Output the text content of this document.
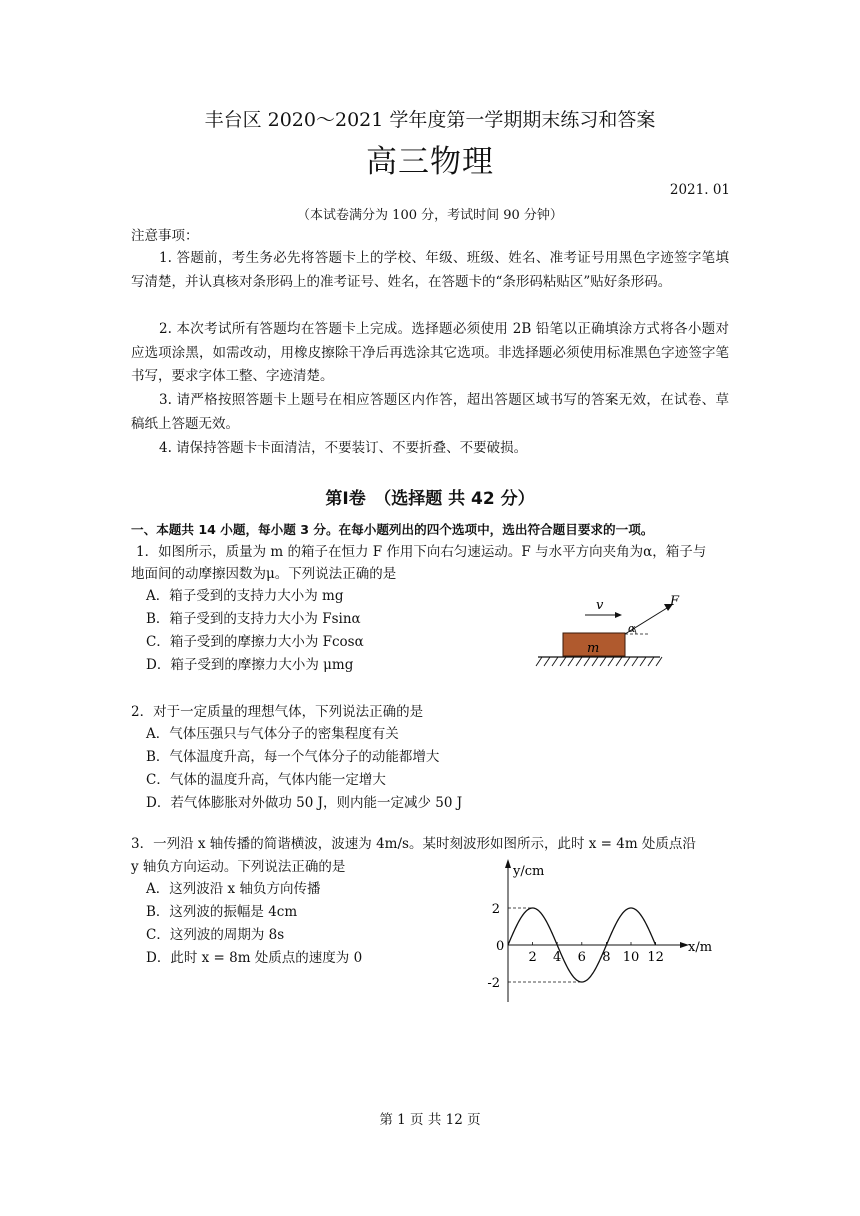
丰台区 2020～2021 学年度第一学期期末练习和答案
高三物理
2021. 01
（本试卷满分为 100 分，考试时间 90 分钟）
注意事项：
1. 答题前，考生务必先将答题卡上的学校、年级、班级、姓名、准考证号用黑色字迹签字笔填写清楚，并认真核对条形码上的准考证号、姓名，在答题卡的“条形码粘贴区”贴好条形码。
2. 本次考试所有答题均在答题卡上完成。选择题必须使用 2B 铅笔以正确填涂方式将各小题对应选项涂黑，如需改动，用橡皮擦除干净后再选涂其它选项。非选择题必须使用标准黑色字迹签字笔书写，要求字体工整、字迹清楚。
3. 请严格按照答题卡上题号在相应答题区内作答，超出答题区域书写的答案无效，在试卷、草稿纸上答题无效。
4. 请保持答题卡卡面清洁，不要装订、不要折叠、不要破损。
第Ⅰ卷　（选择题 共 42 分）
一、本题共 14 小题，每小题 3 分。在每小题列出的四个选项中，选出符合题目要求的一项。
1．如图所示，质量为 m 的箱子在恒力 F 作用下向右匀速运动。F 与水平方向夹角为α，箱子与
地面间的动摩擦因数为μ。下列说法正确的是
A．箱子受到的支持力大小为 mg
B．箱子受到的支持力大小为 Fsinα
C．箱子受到的摩擦力大小为 Fcosα
D．箱子受到的摩擦力大小为 μmg
v
m
F
α
2．对于一定质量的理想气体，下列说法正确的是
A．气体压强只与气体分子的密集程度有关
B．气体温度升高，每一个气体分子的动能都增大
C．气体的温度升高，气体内能一定增大
D．若气体膨胀对外做功 50 J，则内能一定减少 50 J
3．一列沿 x 轴传播的简谐横波，波速为 4m/s。某时刻波形如图所示，此时 x = 4m 处质点沿
y 轴负方向运动。下列说法正确的是
A．这列波沿 x 轴负方向传播
B．这列波的振幅是 4cm
C．这列波的周期为 8s
D．此时 x = 8m 处质点的速度为 0
y/cm
x/m
0
2 4 6 8 10 12
2
-2
第 1 页 共 12 页
